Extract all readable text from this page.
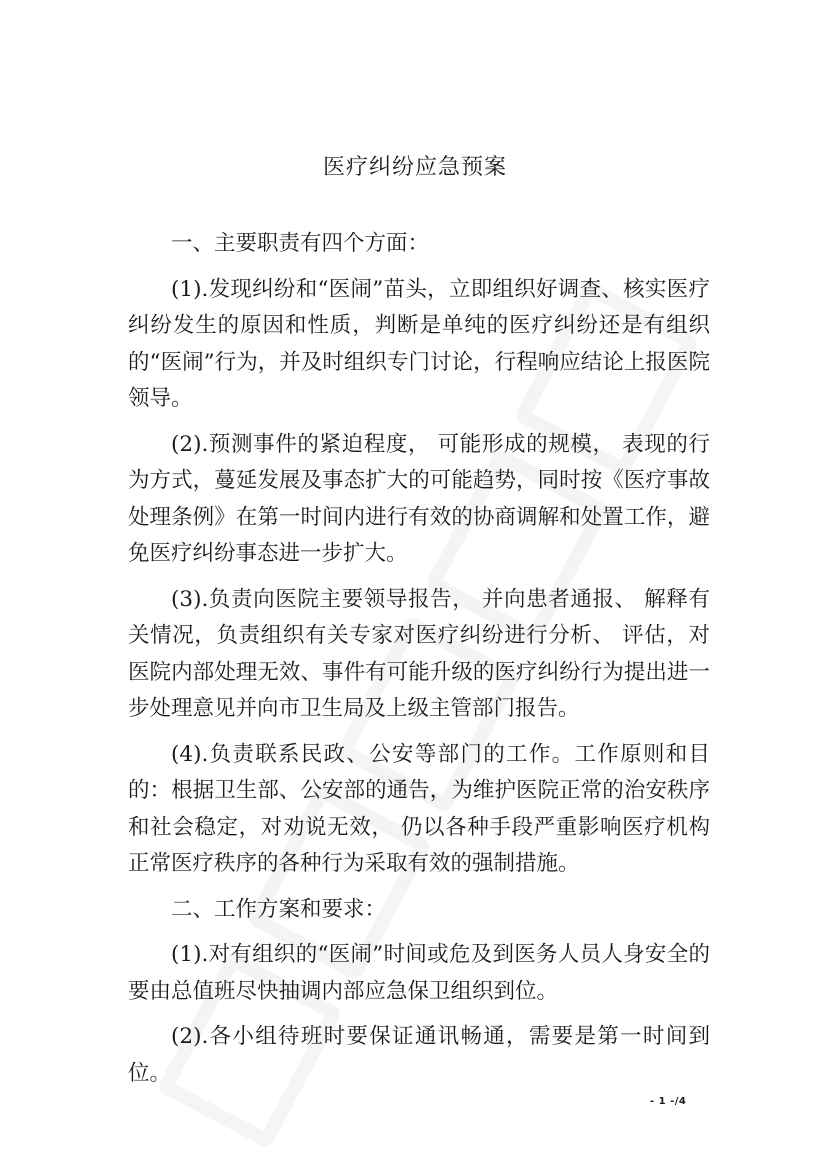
医疗纠纷应急预案

一、主要职责有四个方面：

(1).发现纠纷和“医闹”苗头，立即组织好调查、核实医疗纠纷发生的原因和性质，判断是单纯的医疗纠纷还是有组织的“医闹”行为，并及时组织专门讨论，行程响应结论上报医院领导。

(2).预测事件的紧迫程度， 可能形成的规模， 表现的行为方式，蔓延发展及事态扩大的可能趋势，同时按《医疗事故处理条例》在第一时间内进行有效的协商调解和处置工作，避免医疗纠纷事态进一步扩大。

(3).负责向医院主要领导报告， 并向患者通报、 解释有关情况，负责组织有关专家对医疗纠纷进行分析、 评估，对医院内部处理无效、事件有可能升级的医疗纠纷行为提出进一步处理意见并向市卫生局及上级主管部门报告。

(4).负责联系民政、公安等部门的工作。工作原则和目的：根据卫生部、公安部的通告，为维护医院正常的治安秩序和社会稳定，对劝说无效， 仍以各种手段严重影响医疗机构正常医疗秩序的各种行为采取有效的强制措施。

二、工作方案和要求：

(1).对有组织的“医闹”时间或危及到医务人员人身安全的要由总值班尽快抽调内部应急保卫组织到位。

(2).各小组待班时要保证通讯畅通，需要是第一时间到位。

- 1 -/4
